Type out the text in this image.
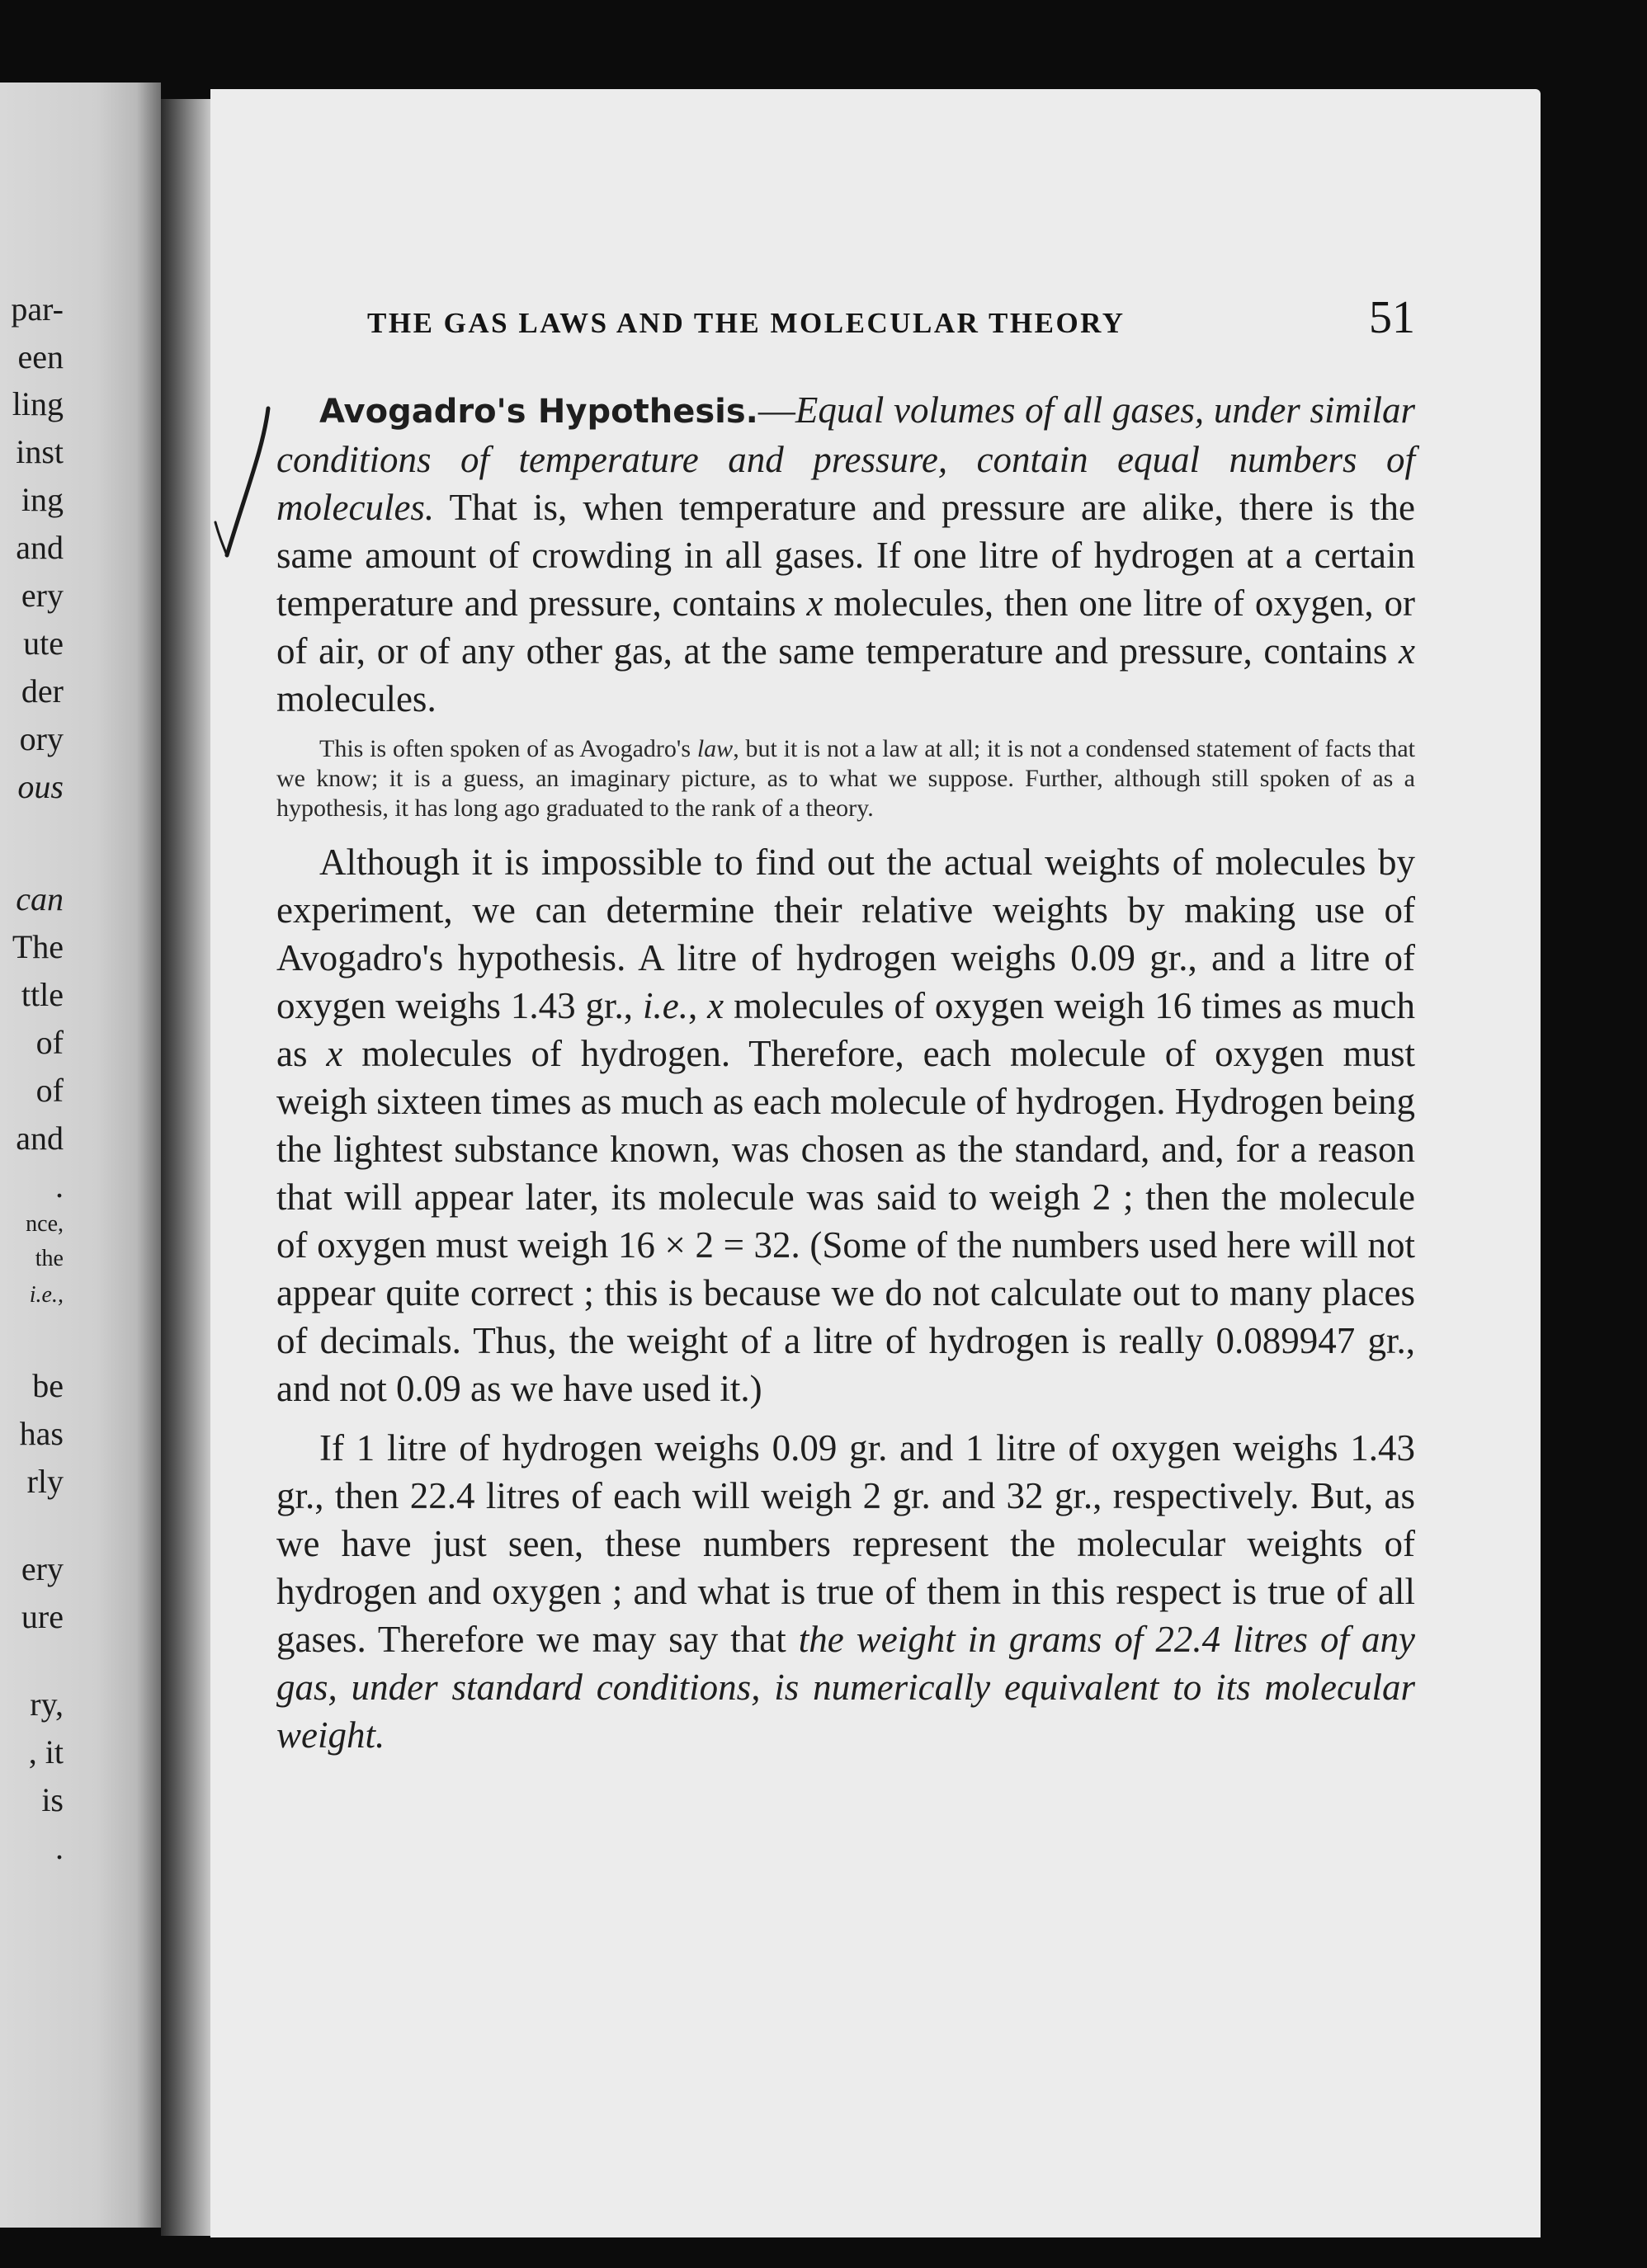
par-
een
ling
inst
ing
and
ery
ute
der
ory
ous
can
The
ttle
of
of
and
.
nce,
the
i.e.,
be
has
rly
ery
ure
ry,
, it
is
.
THE GAS LAWS AND THE MOLECULAR THEORY	51

Avogadro's Hypothesis.—Equal volumes of all gases, under similar conditions of temperature and pressure, contain equal numbers of molecules. That is, when temperature and pressure are alike, there is the same amount of crowding in all gases. If one litre of hydrogen at a certain temperature and pressure, contains x molecules, then one litre of oxygen, or of air, or of any other gas, at the same temperature and pressure, contains x molecules.

This is often spoken of as Avogadro's law, but it is not a law at all; it is not a condensed statement of facts that we know; it is a guess, an imaginary picture, as to what we suppose. Further, although still spoken of as a hypothesis, it has long ago graduated to the rank of a theory.

Although it is impossible to find out the actual weights of molecules by experiment, we can determine their relative weights by making use of Avogadro's hypothesis. A litre of hydrogen weighs 0.09 gr., and a litre of oxygen weighs 1.43 gr., i.e., x molecules of oxygen weigh 16 times as much as x molecules of hydrogen. Therefore, each molecule of oxygen must weigh sixteen times as much as each molecule of hydrogen. Hydrogen being the lightest substance known, was chosen as the standard, and, for a reason that will appear later, its molecule was said to weigh 2 ; then the molecule of oxygen must weigh 16 × 2 = 32. (Some of the numbers used here will not appear quite correct ; this is because we do not calculate out to many places of decimals. Thus, the weight of a litre of hydrogen is really 0.089947 gr., and not 0.09 as we have used it.)

If 1 litre of hydrogen weighs 0.09 gr. and 1 litre of oxygen weighs 1.43 gr., then 22.4 litres of each will weigh 2 gr. and 32 gr., respectively. But, as we have just seen, these numbers represent the molecular weights of hydrogen and oxygen ; and what is true of them in this respect is true of all gases. Therefore we may say that the weight in grams of 22.4 litres of any gas, under standard conditions, is numerically equivalent to its molecular weight.
